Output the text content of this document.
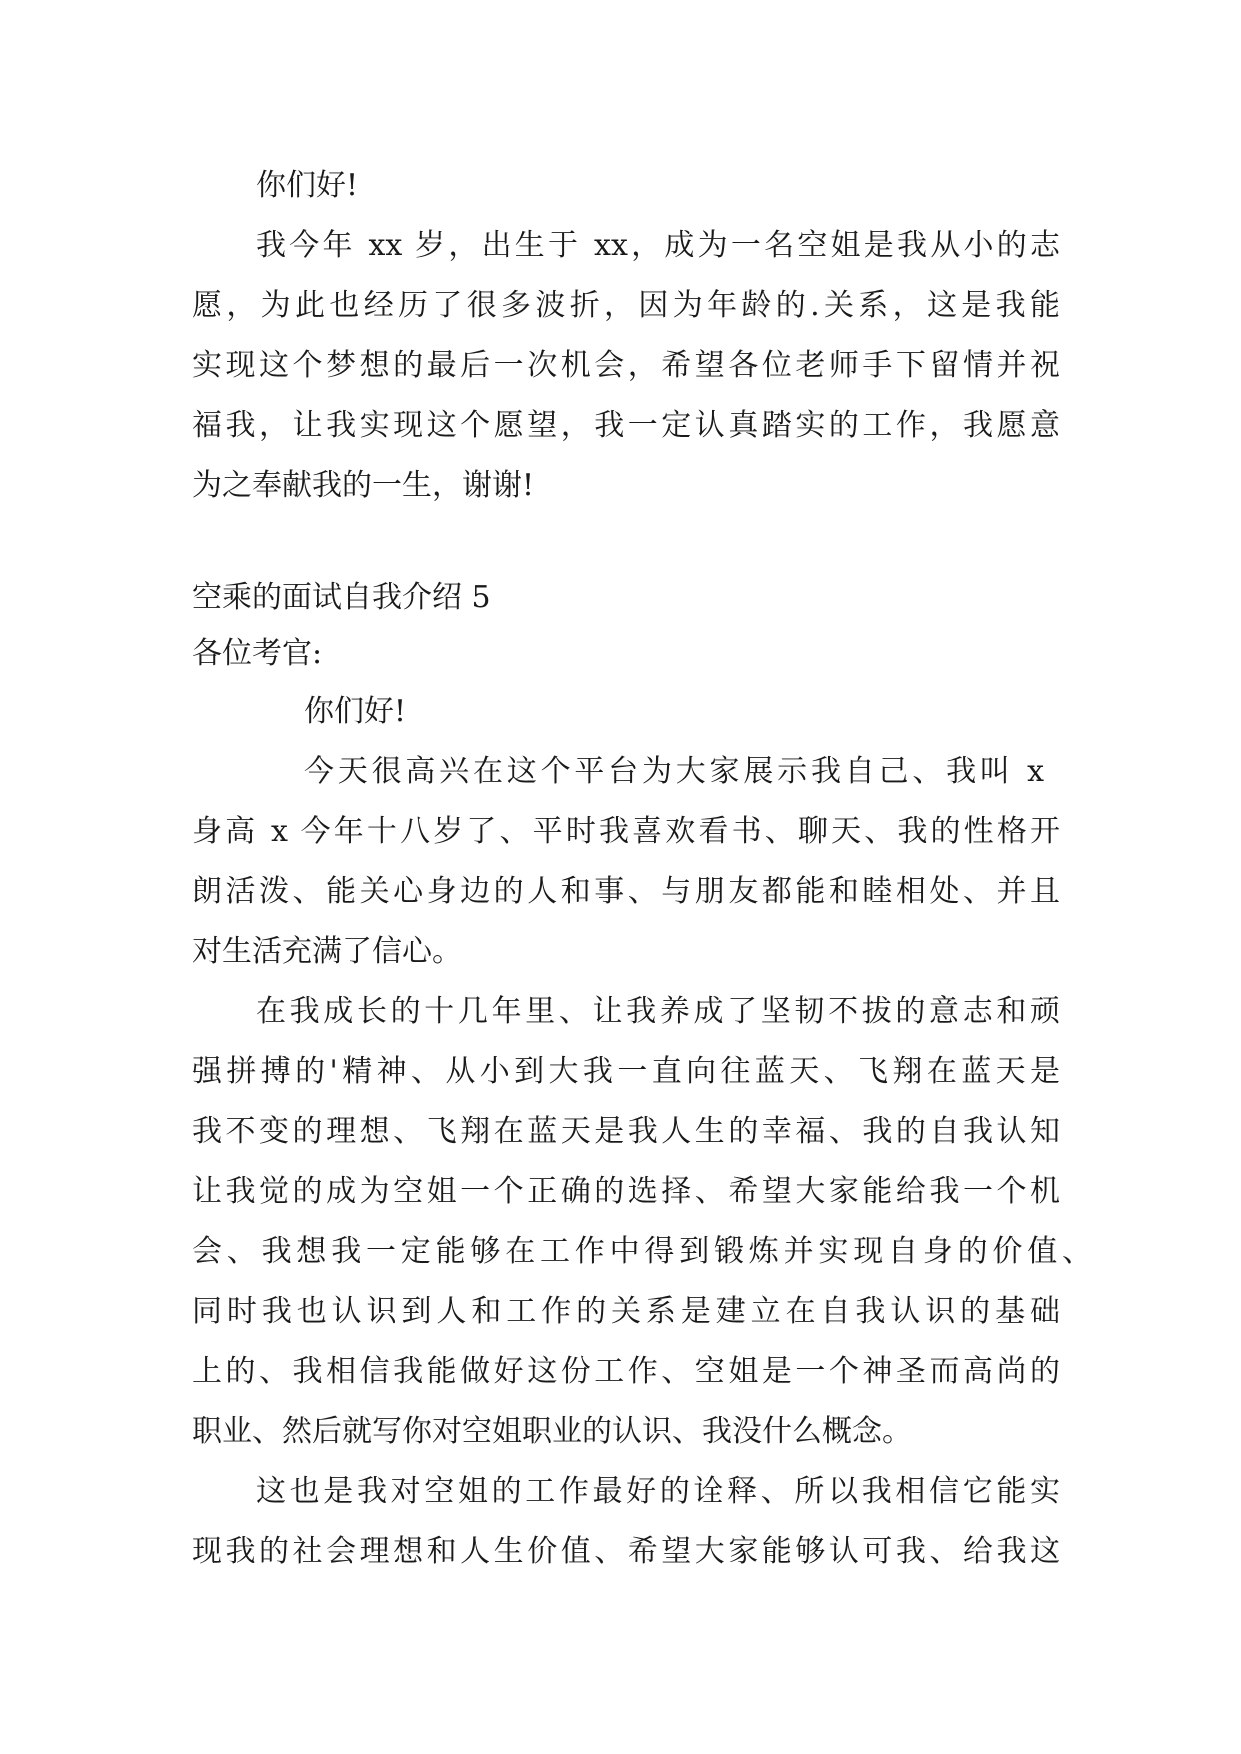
你们好!

我今年 xx 岁，出生于 xx，成为一名空姐是我从小的志

愿，为此也经历了很多波折，因为年龄的.关系，这是我能

实现这个梦想的最后一次机会，希望各位老师手下留情并祝

福我，让我实现这个愿望，我一定认真踏实的工作，我愿意

为之奉献我的一生，谢谢!

空乘的面试自我介绍 5

各位考官:

你们好!

今天很高兴在这个平台为大家展示我自己、我叫 x

身高 x 今年十八岁了、平时我喜欢看书、聊天、我的性格开

朗活泼、能关心身边的人和事、与朋友都能和睦相处、并且

对生活充满了信心。

在我成长的十几年里、让我养成了坚韧不拔的意志和顽

强拼搏的'精神、从小到大我一直向往蓝天、飞翔在蓝天是

我不变的理想、飞翔在蓝天是我人生的幸福、我的自我认知

让我觉的成为空姐一个正确的选择、希望大家能给我一个机

会、我想我一定能够在工作中得到锻炼并实现自身的价值、

同时我也认识到人和工作的关系是建立在自我认识的基础

上的、我相信我能做好这份工作、空姐是一个神圣而高尚的

职业、然后就写你对空姐职业的认识、我没什么概念。

这也是我对空姐的工作最好的诠释、所以我相信它能实

现我的社会理想和人生价值、希望大家能够认可我、给我这
